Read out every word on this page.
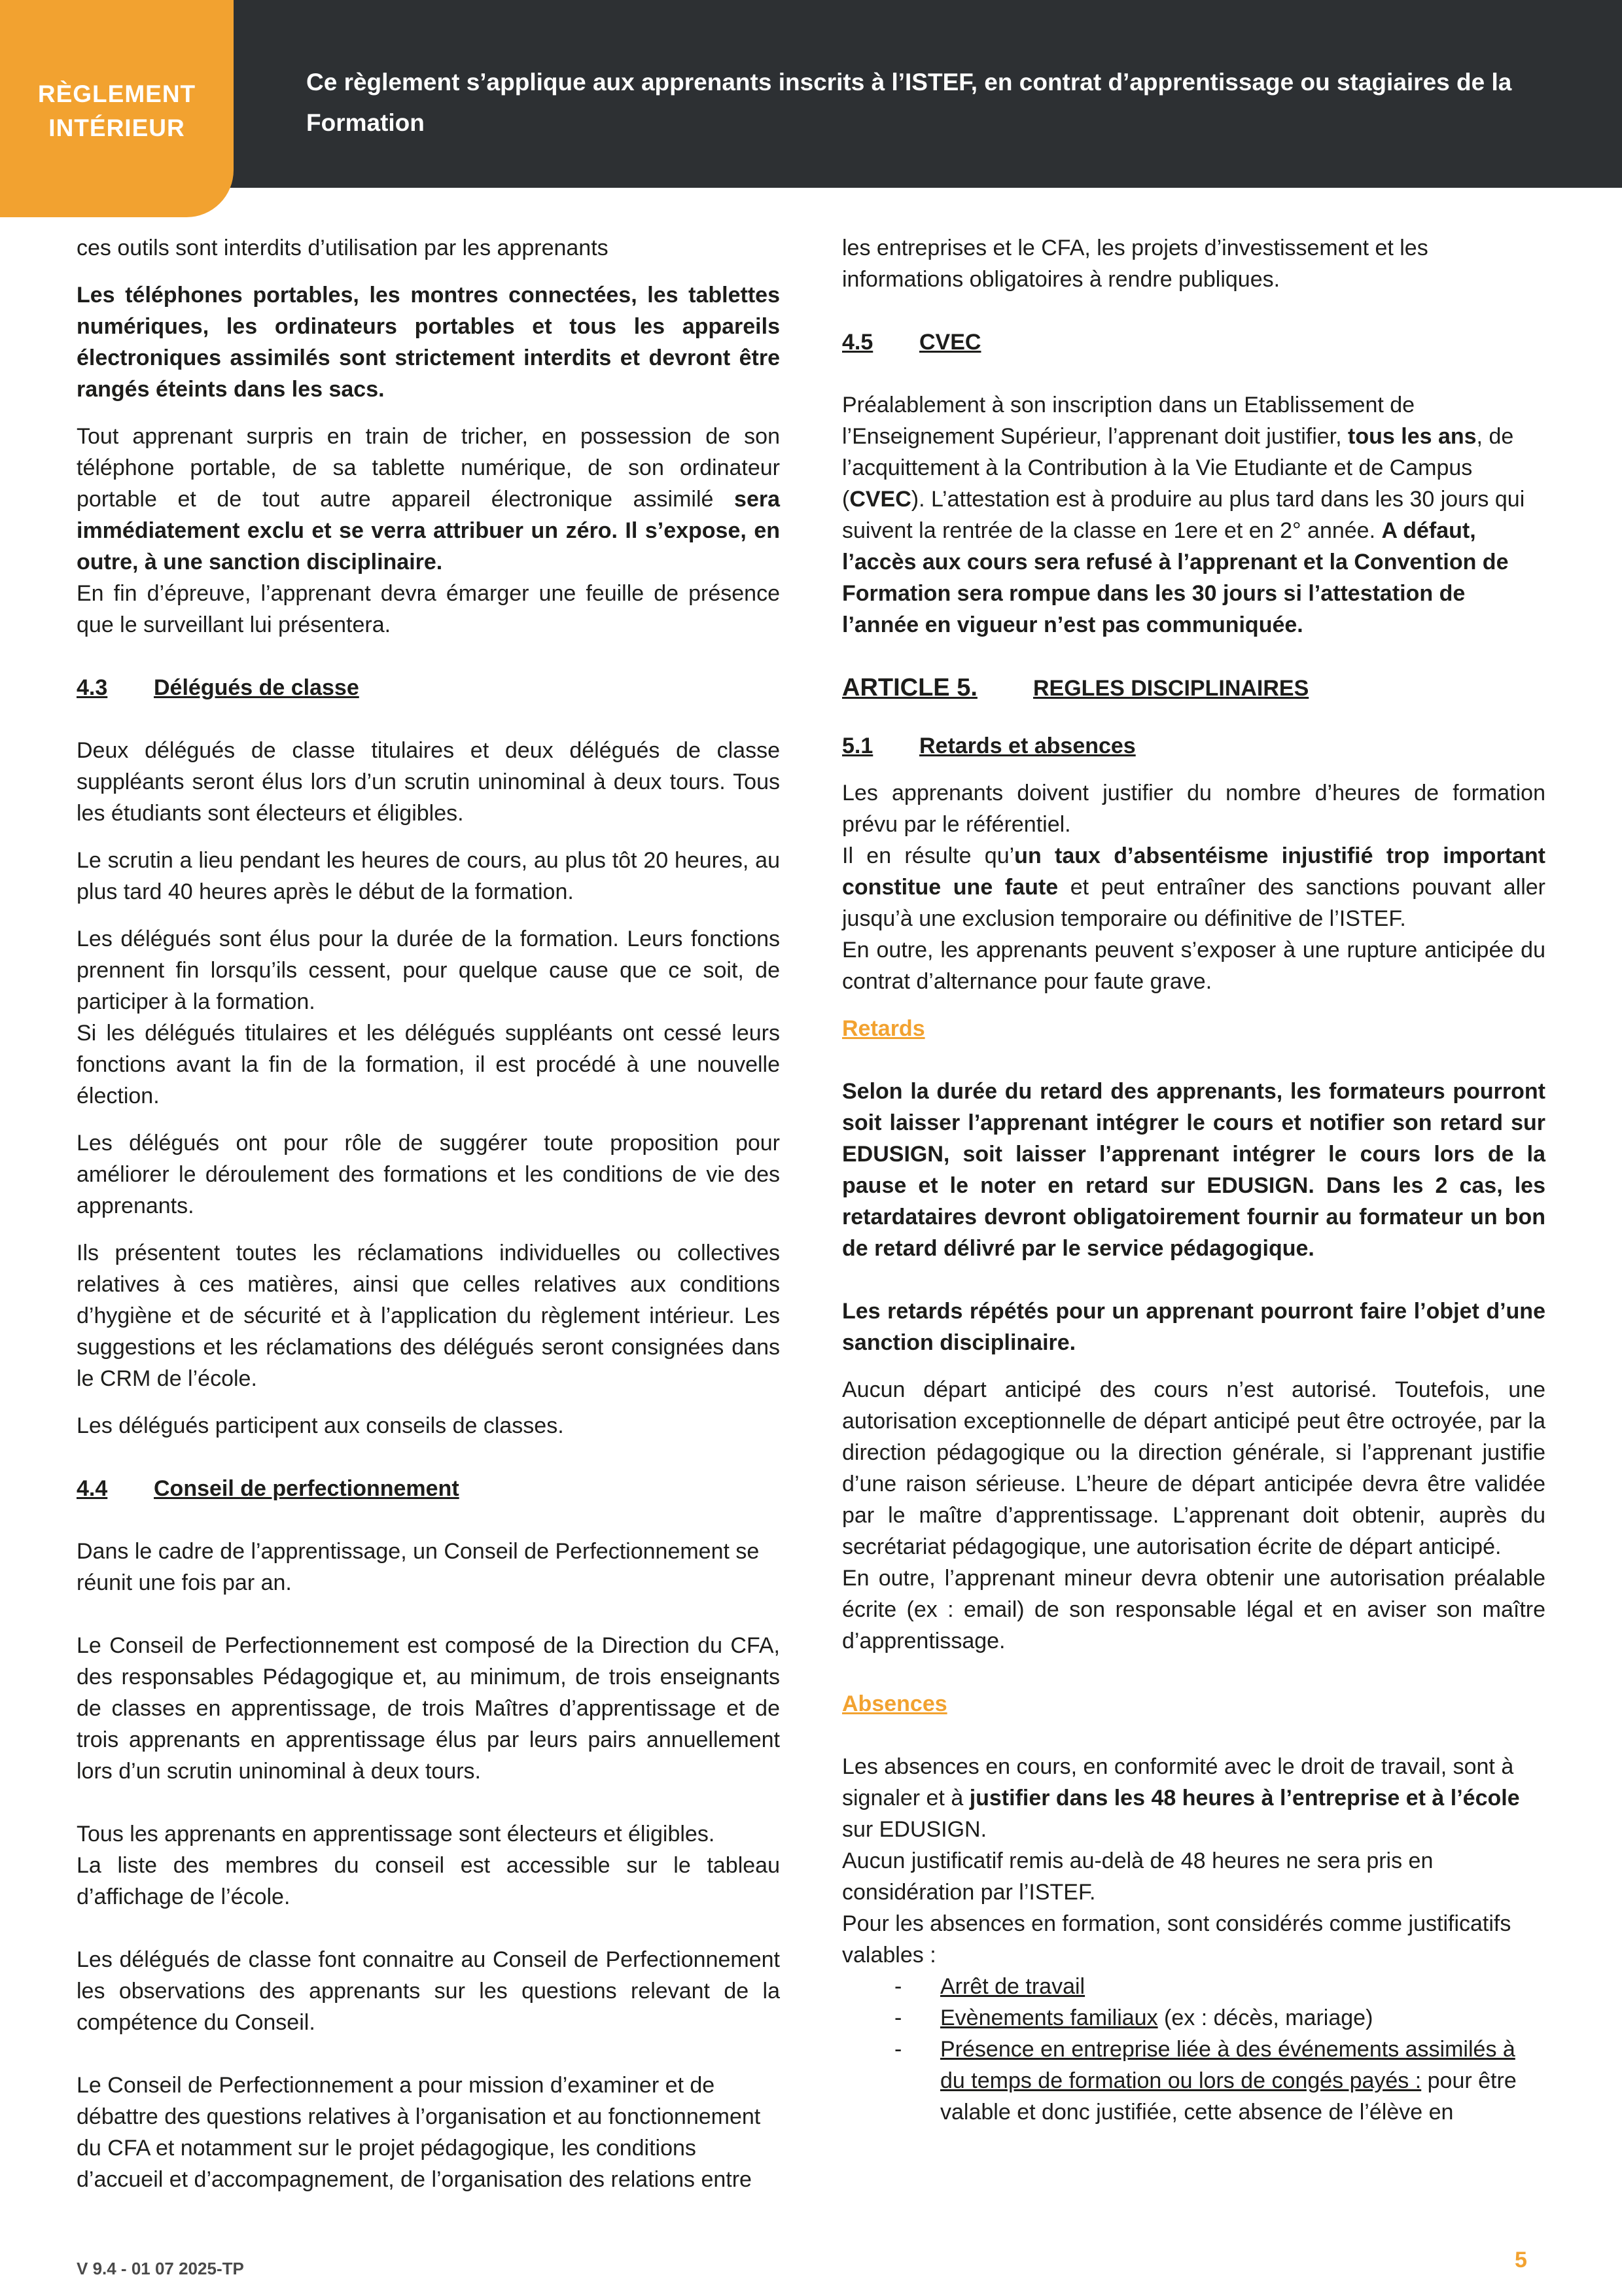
Ce règlement s’applique aux apprenants inscrits à l’ISTEF, en contrat d’apprentissage ou stagiaires de la Formation
RÈGLEMENT
INTÉRIEUR

ces outils sont interdits d’utilisation par les apprenants

Les téléphones portables, les montres connectées, les tablettes numériques, les ordinateurs portables et tous les appareils électroniques assimilés sont strictement interdits et devront être rangés éteints dans les sacs.

Tout apprenant surpris en train de tricher, en possession de son téléphone portable, de sa tablette numérique, de son ordinateur portable et de tout autre appareil électronique assimilé sera immédiatement exclu et se verra attribuer un zéro. Il s’expose, en outre, à une sanction disciplinaire.

En fin d’épreuve, l’apprenant devra émarger une feuille de présence que le surveillant lui présentera.

4.3 Délégués de classe

Deux délégués de classe titulaires et deux délégués de classe suppléants seront élus lors d’un scrutin uninominal à deux tours. Tous les étudiants sont électeurs et éligibles.

Le scrutin a lieu pendant les heures de cours, au plus tôt 20 heures, au plus tard 40 heures après le début de la formation.

Les délégués sont élus pour la durée de la formation. Leurs fonctions prennent fin lorsqu’ils cessent, pour quelque cause que ce soit, de participer à la formation.

Si les délégués titulaires et les délégués suppléants ont cessé leurs fonctions avant la fin de la formation, il est procédé à une nouvelle élection.

Les délégués ont pour rôle de suggérer toute proposition pour améliorer le déroulement des formations et les conditions de vie des apprenants.

Ils présentent toutes les réclamations individuelles ou collectives relatives à ces matières, ainsi que celles relatives aux conditions d’hygiène et de sécurité et à l’application du règlement intérieur. Les suggestions et les réclamations des délégués seront consignées dans le CRM de l’école.

Les délégués participent aux conseils de classes.

4.4 Conseil de perfectionnement

Dans le cadre de l’apprentissage, un Conseil de Perfectionnement se réunit une fois par an.

Le Conseil de Perfectionnement est composé de la Direction du CFA, des responsables Pédagogique et, au minimum, de trois enseignants de classes en apprentissage, de trois Maîtres d’apprentissage et de trois apprenants en apprentissage élus par leurs pairs annuellement lors d’un scrutin uninominal à deux tours.

Tous les apprenants en apprentissage sont électeurs et éligibles.

La liste des membres du conseil est accessible sur le tableau d’affichage de l’école.

Les délégués de classe font connaitre au Conseil de Perfectionnement les observations des apprenants sur les questions relevant de la compétence du Conseil.

Le Conseil de Perfectionnement a pour mission d’examiner et de débattre des questions relatives à l’organisation et au fonctionnement du CFA et notamment sur le projet pédagogique, les conditions d’accueil et d’accompagnement, de l’organisation des relations entre

les entreprises et le CFA, les projets d’investissement et les informations obligatoires à rendre publiques.

4.5 CVEC

Préalablement à son inscription dans un Etablissement de l’Enseignement Supérieur, l’apprenant doit justifier, tous les ans, de l’acquittement à la Contribution à la Vie Etudiante et de Campus (CVEC). L’attestation est à produire au plus tard dans les 30 jours qui suivent la rentrée de la classe en 1ere et en 2° année. A défaut, l’accès aux cours sera refusé à l’apprenant et la Convention de Formation sera rompue dans les 30 jours si l’attestation de l’année en vigueur n’est pas communiquée.

ARTICLE 5.	REGLES DISCIPLINAIRES

5.1 Retards et absences

Les apprenants doivent justifier du nombre d’heures de formation prévu par le référentiel.

Il en résulte qu’un taux d’absentéisme injustifié trop important constitue une faute et peut entraîner des sanctions pouvant aller jusqu’à une exclusion temporaire ou définitive de l’ISTEF.

En outre, les apprenants peuvent s’exposer à une rupture anticipée du contrat d’alternance pour faute grave.

Retards

Selon la durée du retard des apprenants, les formateurs pourront soit laisser l’apprenant intégrer le cours et notifier son retard sur EDUSIGN, soit laisser l’apprenant intégrer le cours lors de la pause et le noter en retard sur EDUSIGN. Dans les 2 cas, les retardataires devront obligatoirement fournir au formateur un bon de retard délivré par le service pédagogique.

Les retards répétés pour un apprenant pourront faire l’objet d’une sanction disciplinaire.

Aucun départ anticipé des cours n’est autorisé. Toutefois, une autorisation exceptionnelle de départ anticipé peut être octroyée, par la direction pédagogique ou la direction générale, si l’apprenant justifie d’une raison sérieuse. L’heure de départ anticipée devra être validée par le maître d’apprentissage. L’apprenant doit obtenir, auprès du secrétariat pédagogique, une autorisation écrite de départ anticipé.

En outre, l’apprenant mineur devra obtenir une autorisation préalable écrite (ex : email) de son responsable légal et en aviser son maître d’apprentissage.

Absences

Les absences en cours, en conformité avec le droit de travail, sont à signaler et à justifier dans les 48 heures à l’entreprise et à l’école sur EDUSIGN.

Aucun justificatif remis au-delà de 48 heures ne sera pris en considération par l’ISTEF.

Pour les absences en formation, sont considérés comme justificatifs valables :

- Arrêt de travail
- Evènements familiaux (ex : décès, mariage)
- Présence en entreprise liée à des événements assimilés à du temps de formation ou lors de congés payés : pour être valable et donc justifiée, cette absence de l’élève en
V 9.4 - 01 07 2025-TP	5
